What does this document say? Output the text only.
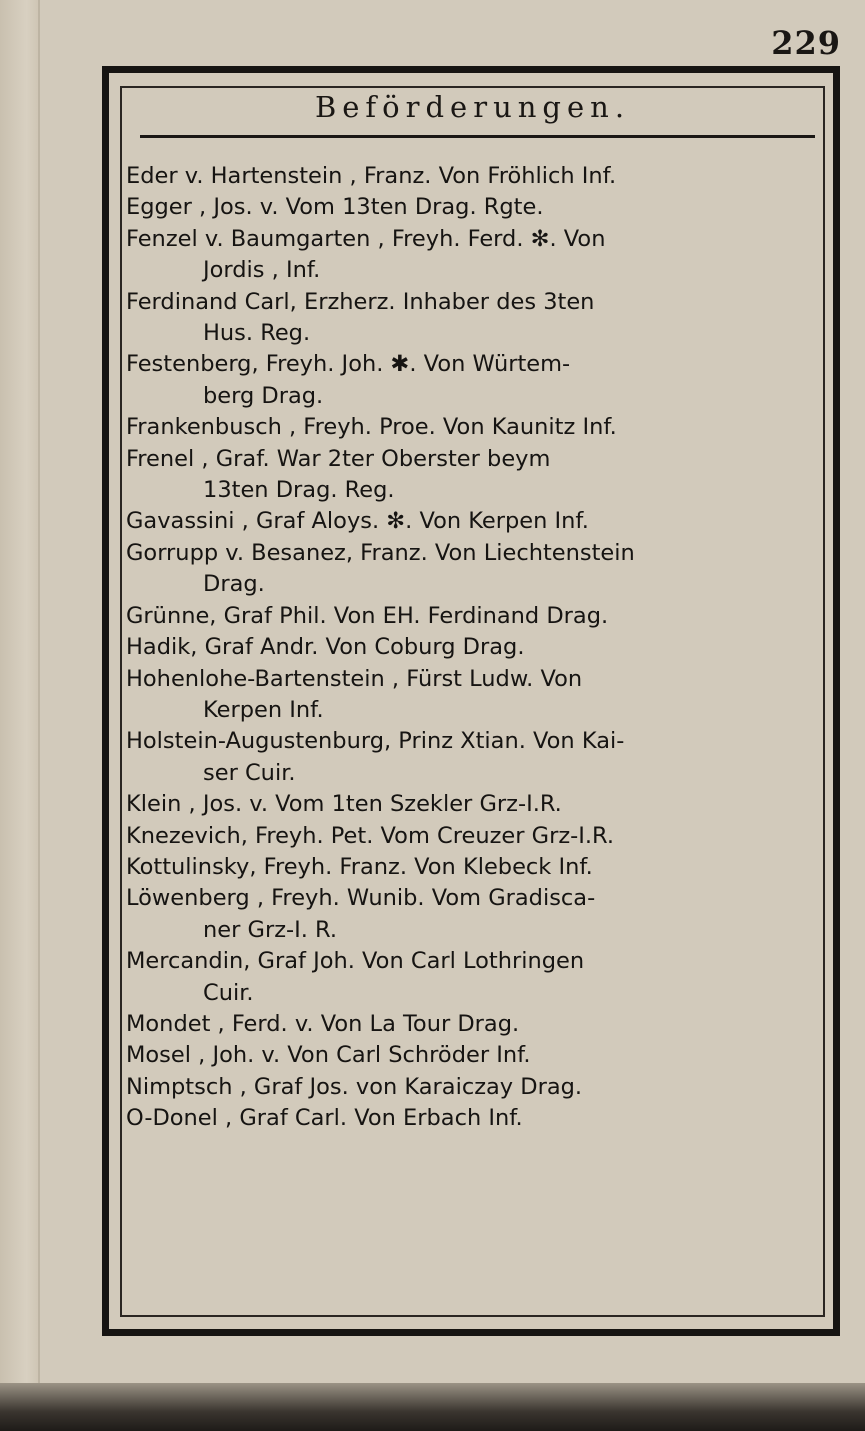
229
Beförderungen.
Eder v. Hartenstein , Franz. Von Fröhlich Inf.
Egger , Jos. v. Vom 13ten Drag. Rgte.
Fenzel v. Baumgarten , Freyh. Ferd. ✻. Von
Jordis , Inf.
Ferdinand Carl, Erzherz. Inhaber des 3ten
Hus. Reg.
Festenberg, Freyh. Joh. ✱. Von Würtem-
berg Drag.
Frankenbusch , Freyh. Proe. Von Kaunitz Inf.
Frenel , Graf. War 2ter Oberster beym
13ten Drag. Reg.
Gavassini , Graf Aloys. ✻. Von Kerpen Inf.
Gorrupp v. Besanez, Franz. Von Liechtenstein
Drag.
Grünne, Graf Phil. Von EH. Ferdinand Drag.
Hadik, Graf Andr. Von Coburg Drag.
Hohenlohe-Bartenstein , Fürst Ludw. Von
Kerpen Inf.
Holstein-Augustenburg, Prinz Xtian. Von Kai-
ser Cuir.
Klein , Jos. v. Vom 1ten Szekler Grz-I.R.
Knezevich, Freyh. Pet. Vom Creuzer Grz-I.R.
Kottulinsky, Freyh. Franz. Von Klebeck Inf.
Löwenberg , Freyh. Wunib. Vom Gradisca-
ner Grz-I. R.
Mercandin, Graf Joh. Von Carl Lothringen
Cuir.
Mondet , Ferd. v. Von La Tour Drag.
Mosel , Joh. v. Von Carl Schröder Inf.
Nimptsch , Graf Jos. von Karaiczay Drag.
O-Donel , Graf Carl. Von Erbach Inf.
